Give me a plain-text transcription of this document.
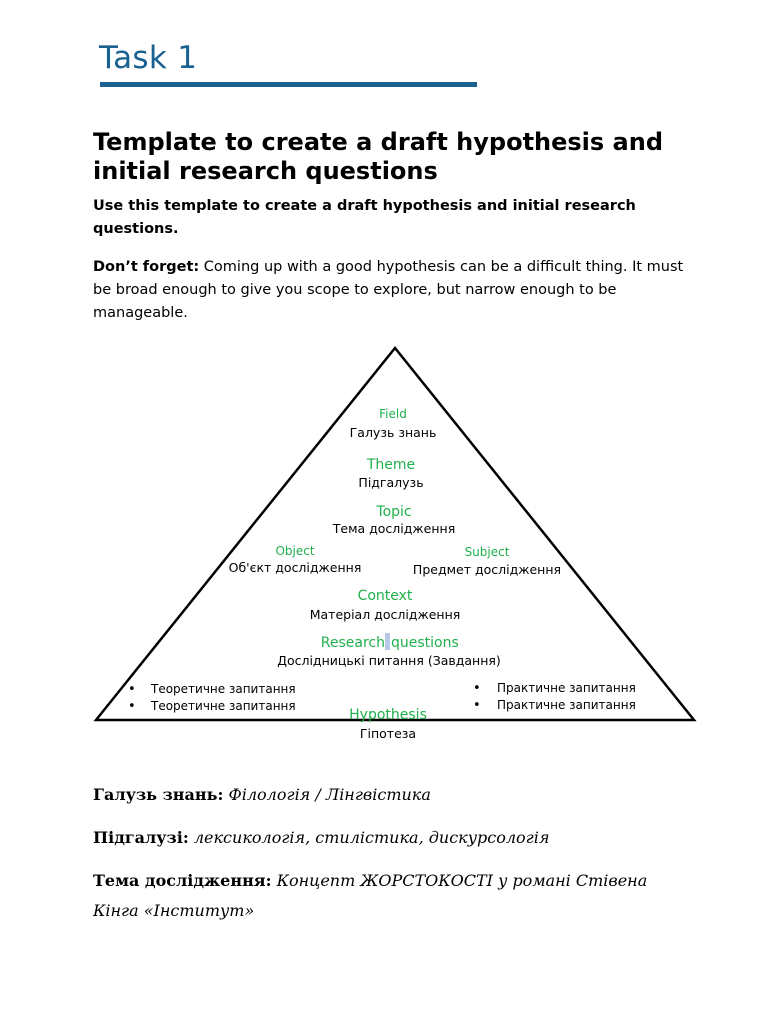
Task 1
Template to create a draft hypothesis and initial research questions

Use this template to create a draft hypothesis and initial research questions.

Don’t forget: Coming up with a good hypothesis can be a difficult thing. It must be broad enough to give you scope to explore, but narrow enough to be manageable.

Field
Галузь знань
Theme
Підгалузь
Topic
Тема дослідження
Object
Об'єкт дослідження
Subject
Предмет дослідження
Context
Матеріал дослідження
Research questions
Дослідницькі питання (Завдання)
• Теоретичне запитання
• Теоретичне запитання
• Практичне запитання
• Практичне запитання
Hypothesis
Гіпотеза

Галузь знань: Філологія / Лінгвістика

Підгалузі: лексикологія, стилістика, дискурсологія

Тема дослідження: Концепт ЖОРСТОКОСТІ у романі Стівена Кінга «Інститут»
